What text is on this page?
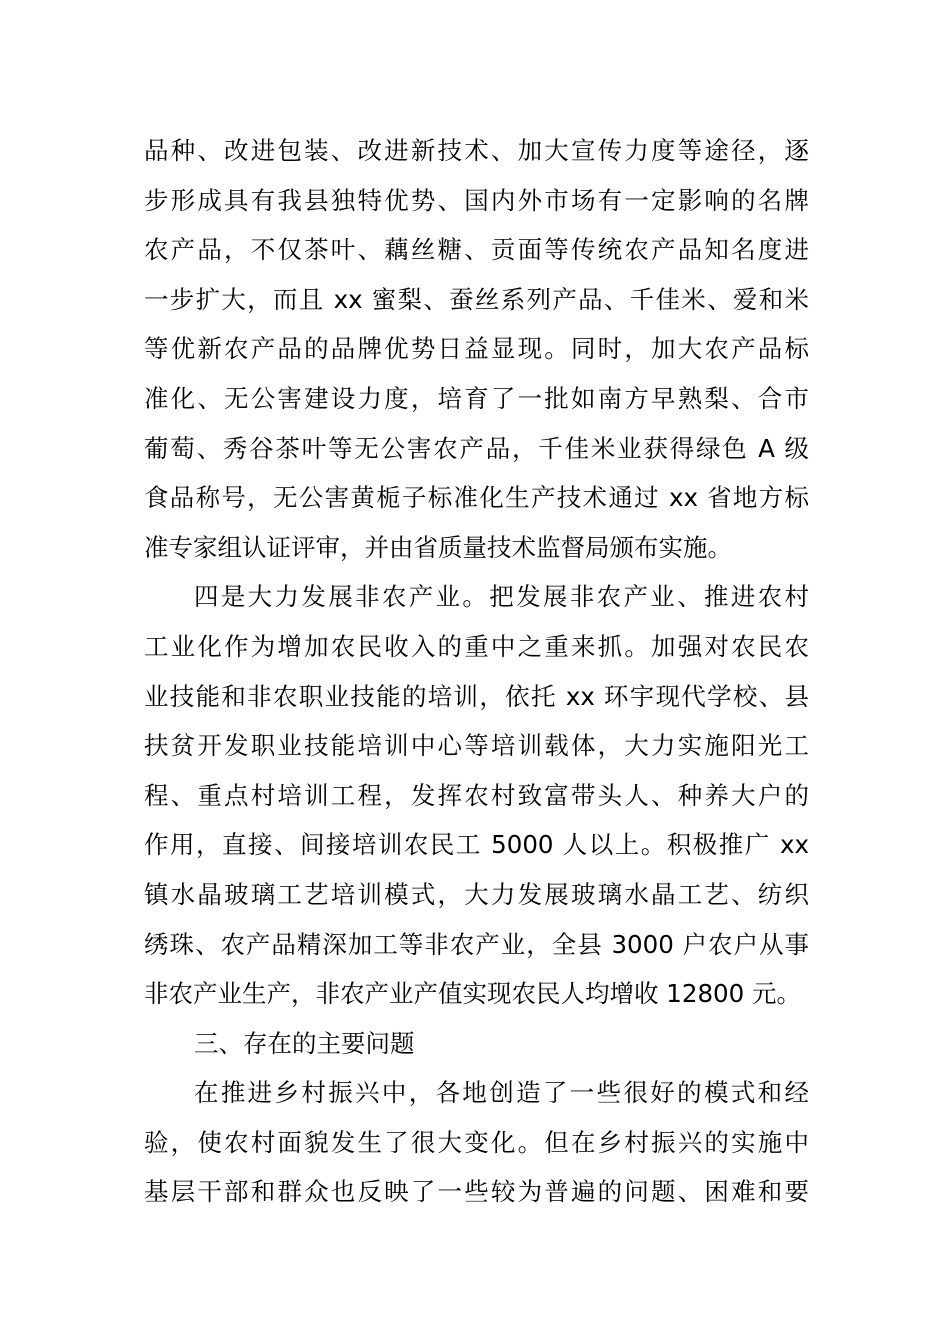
品种、改进包装、改进新技术、加大宣传力度等途径，逐
步形成具有我县独特优势、国内外市场有一定影响的名牌
农产品，不仅茶叶、藕丝糖、贡面等传统农产品知名度进
一步扩大，而且 xx 蜜梨、蚕丝系列产品、千佳米、爱和米
等优新农产品的品牌优势日益显现。同时，加大农产品标
准化、无公害建设力度，培育了一批如南方早熟梨、合市
葡萄、秀谷茶叶等无公害农产品，千佳米业获得绿色 A 级
食品称号，无公害黄栀子标准化生产技术通过 xx 省地方标
准专家组认证评审，并由省质量技术监督局颁布实施。
四是大力发展非农产业。把发展非农产业、推进农村
工业化作为增加农民收入的重中之重来抓。加强对农民农
业技能和非农职业技能的培训，依托 xx 环宇现代学校、县
扶贫开发职业技能培训中心等培训载体，大力实施阳光工
程、重点村培训工程，发挥农村致富带头人、种养大户的
作用，直接、间接培训农民工 5000 人以上。积极推广 xx
镇水晶玻璃工艺培训模式，大力发展玻璃水晶工艺、纺织
绣珠、农产品精深加工等非农产业，全县 3000 户农户从事
非农产业生产，非农产业产值实现农民人均增收 12800 元。
三、存在的主要问题
在推进乡村振兴中，各地创造了一些很好的模式和经
验，使农村面貌发生了很大变化。但在乡村振兴的实施中
基层干部和群众也反映了一些较为普遍的问题、困难和要
